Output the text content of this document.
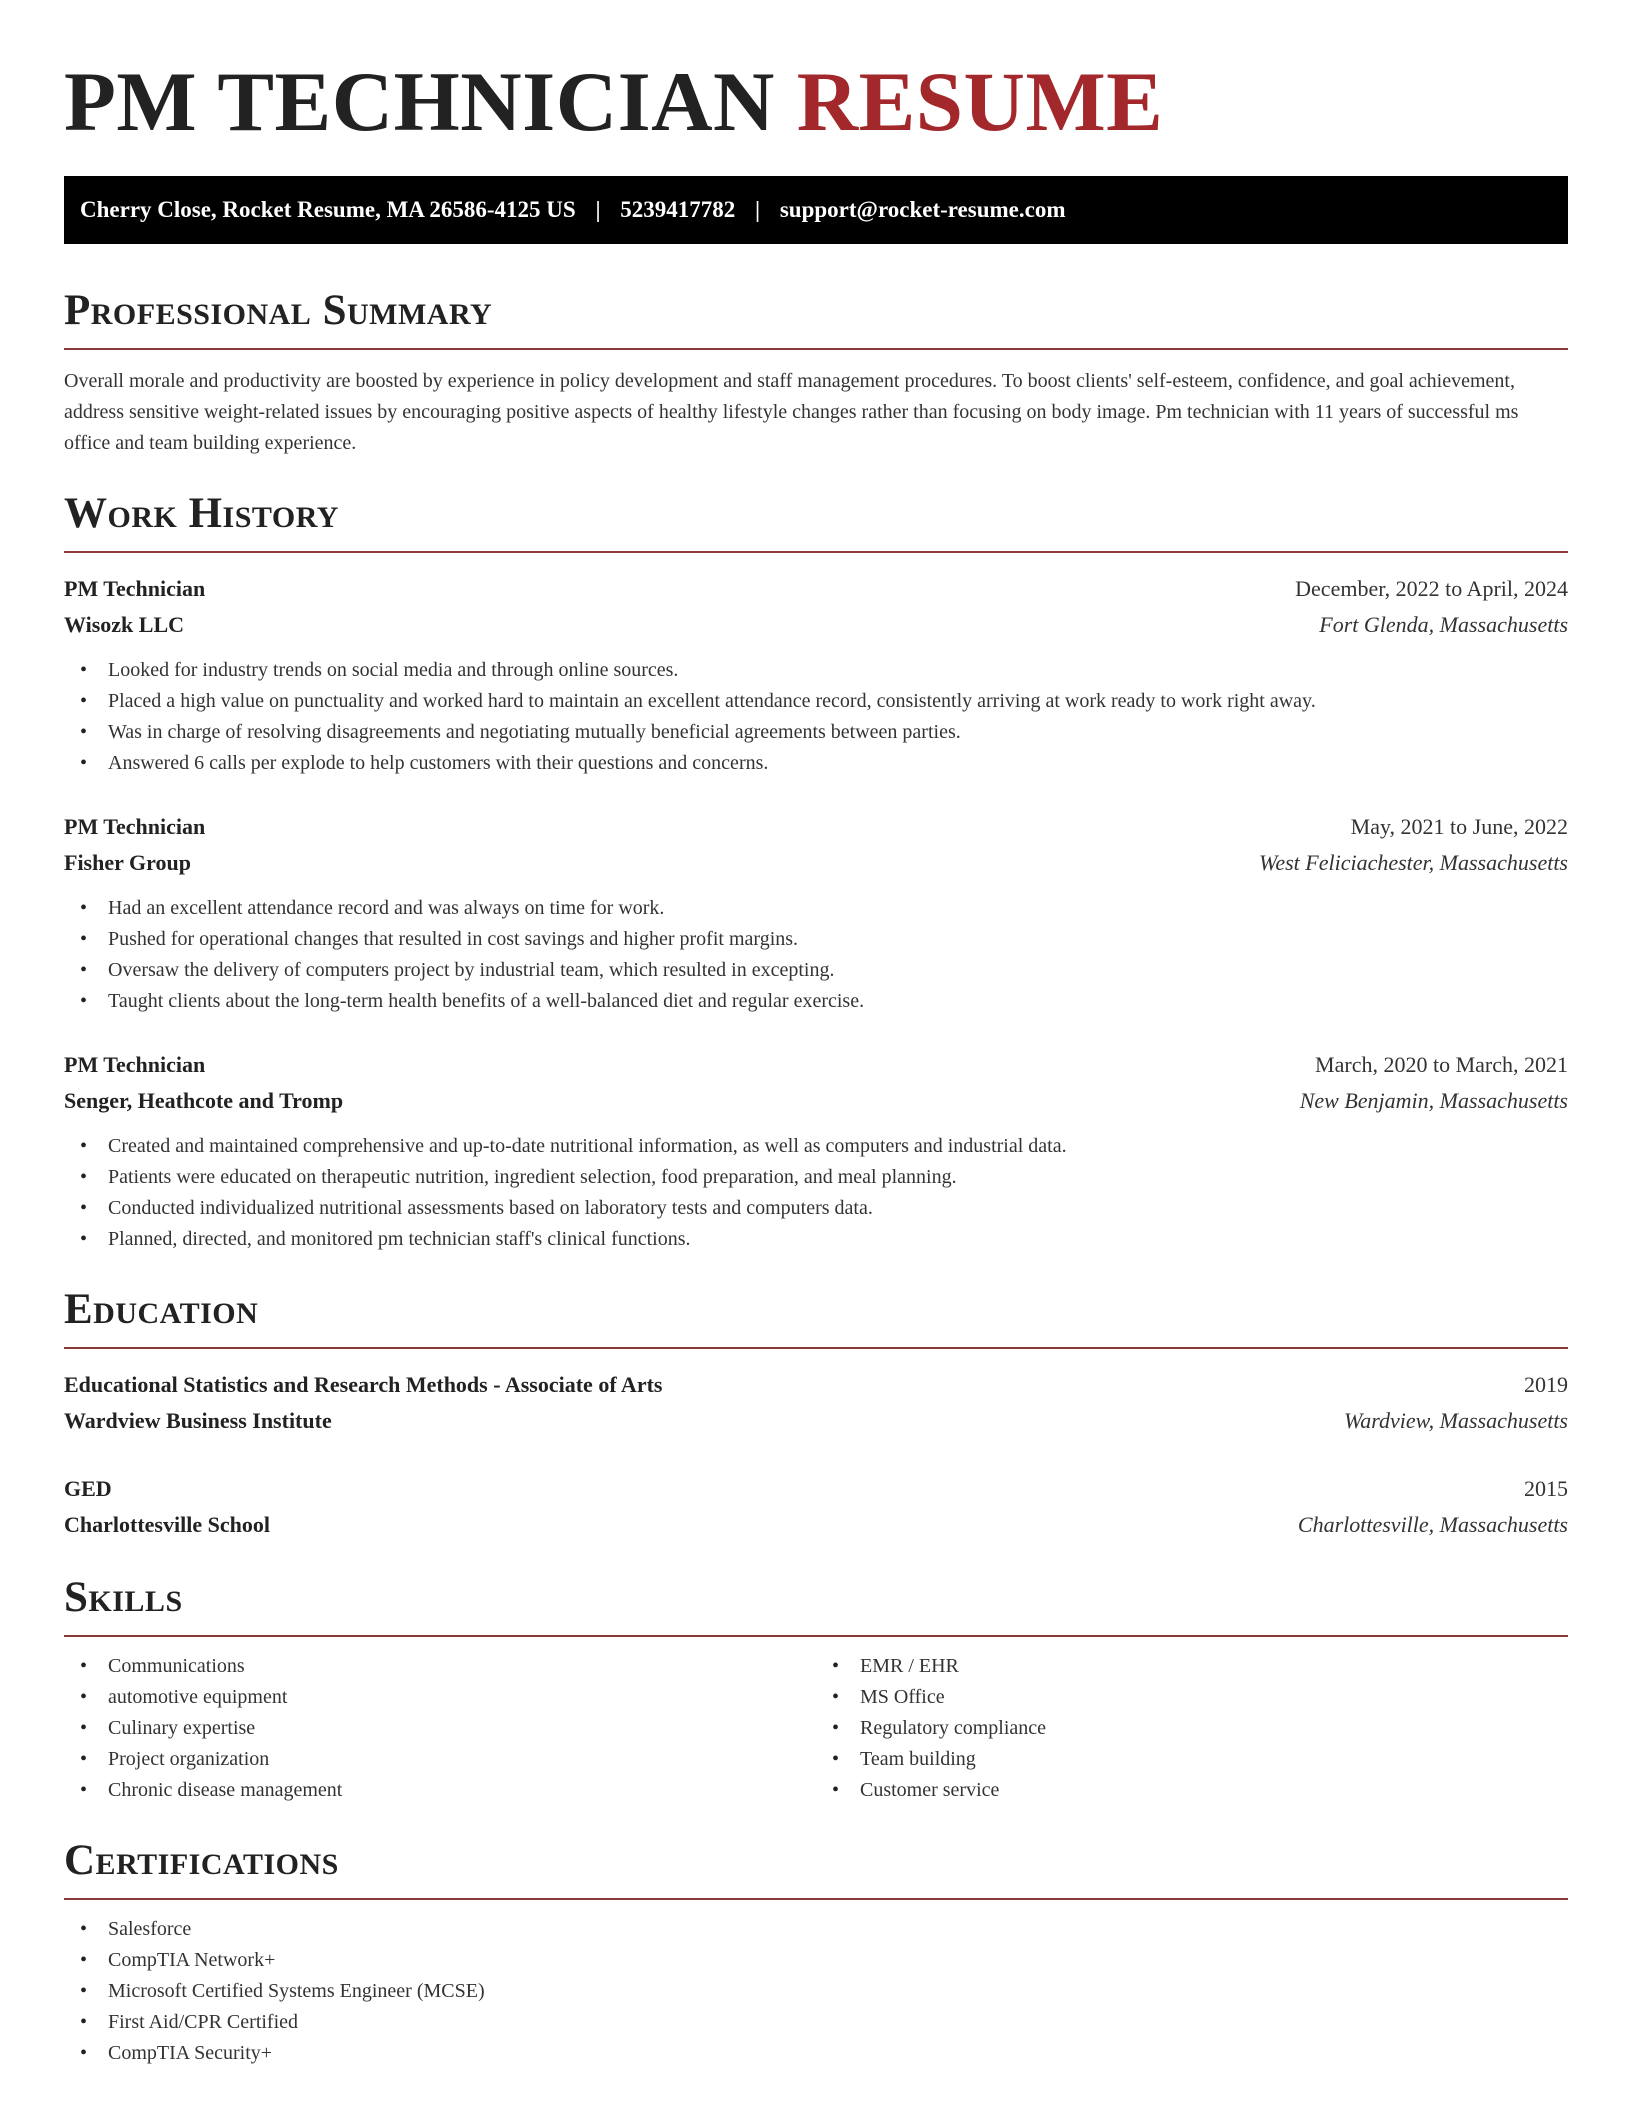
PM TECHNICIAN RESUME
Cherry Close, Rocket Resume, MA 26586-4125 US | 5239417782 | support@rocket-resume.com
Professional Summary

Overall morale and productivity are boosted by experience in policy development and staff management procedures. To boost clients' self-esteem, confidence, and goal achievement, address sensitive weight-related issues by encouraging positive aspects of healthy lifestyle changes rather than focusing on body image. Pm technician with 11 years of successful ms office and team building experience.

Work History
PM Technician	December, 2022 to April, 2024
Wisozk LLC	Fort Glenda, Massachusetts
• Looked for industry trends on social media and through online sources.
• Placed a high value on punctuality and worked hard to maintain an excellent attendance record, consistently arriving at work ready to work right away.
• Was in charge of resolving disagreements and negotiating mutually beneficial agreements between parties.
• Answered 6 calls per explode to help customers with their questions and concerns.
PM Technician	May, 2021 to June, 2022
Fisher Group	West Feliciachester, Massachusetts
• Had an excellent attendance record and was always on time for work.
• Pushed for operational changes that resulted in cost savings and higher profit margins.
• Oversaw the delivery of computers project by industrial team, which resulted in excepting.
• Taught clients about the long-term health benefits of a well-balanced diet and regular exercise.
PM Technician	March, 2020 to March, 2021
Senger, Heathcote and Tromp	New Benjamin, Massachusetts
• Created and maintained comprehensive and up-to-date nutritional information, as well as computers and industrial data.
• Patients were educated on therapeutic nutrition, ingredient selection, food preparation, and meal planning.
• Conducted individualized nutritional assessments based on laboratory tests and computers data.
• Planned, directed, and monitored pm technician staff's clinical functions.
Education
Educational Statistics and Research Methods - Associate of Arts	2019
Wardview Business Institute	Wardview, Massachusetts
GED	2015
Charlottesville School	Charlottesville, Massachusetts
Skills
• Communications
• automotive equipment
• Culinary expertise
• Project organization
• Chronic disease management
• EMR / EHR
• MS Office
• Regulatory compliance
• Team building
• Customer service
Certifications
• Salesforce
• CompTIA Network+
• Microsoft Certified Systems Engineer (MCSE)
• First Aid/CPR Certified
• CompTIA Security+
